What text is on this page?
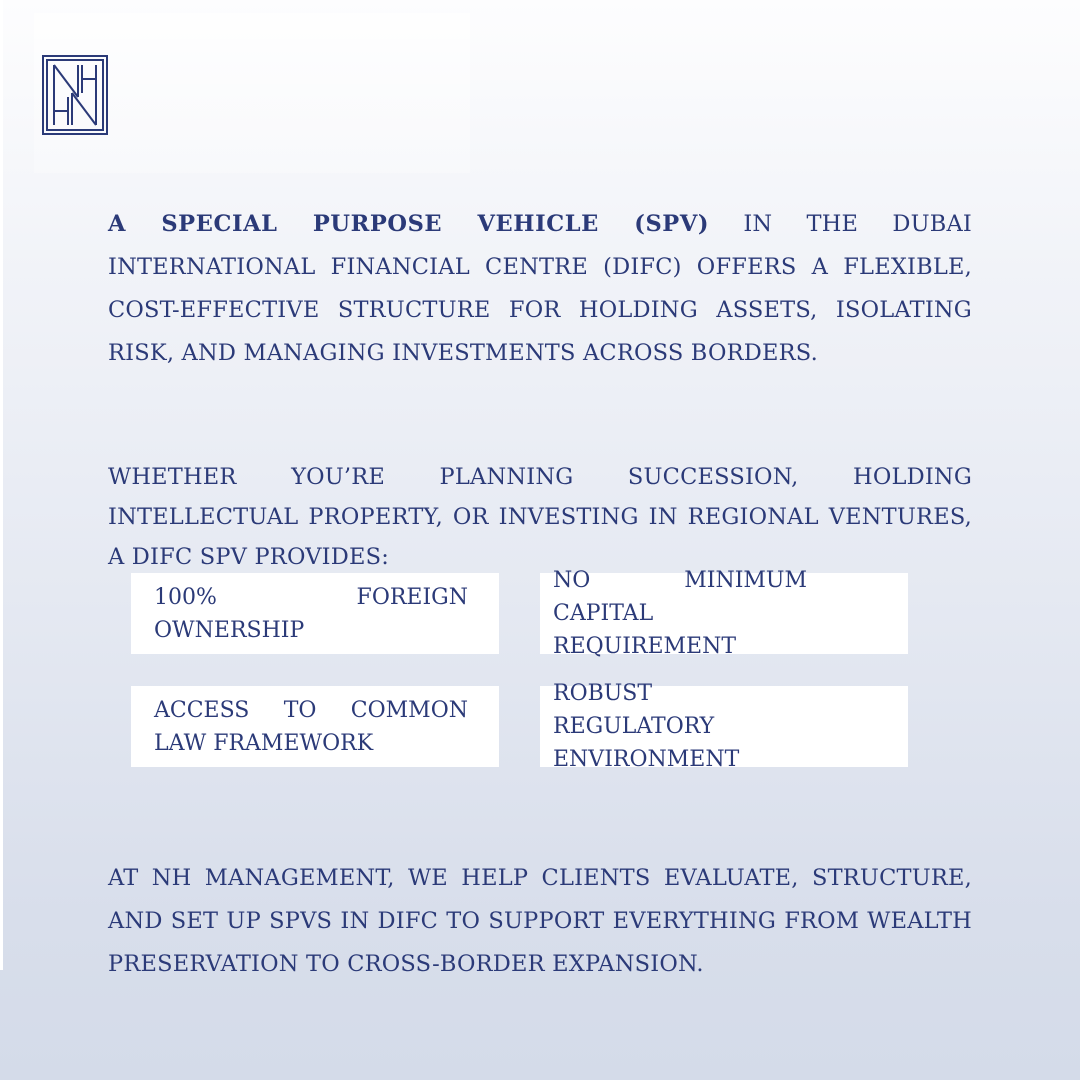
A SPECIAL PURPOSE VEHICLE (SPV) IN THE DUBAI INTERNATIONAL FINANCIAL CENTRE (DIFC) OFFERS A FLEXIBLE, COST-EFFECTIVE STRUCTURE FOR HOLDING ASSETS, ISOLATING RISK, AND MANAGING INVESTMENTS ACROSS BORDERS.

WHETHER YOU’RE PLANNING SUCCESSION, HOLDING INTELLECTUAL PROPERTY, OR INVESTING IN REGIONAL VENTURES, A DIFC SPV PROVIDES:

100% FOREIGN OWNERSHIP
NO MINIMUM CAPITAL REQUIREMENT
ACCESS TO COMMON LAW FRAMEWORK
ROBUST REGULATORY ENVIRONMENT

AT NH MANAGEMENT, WE HELP CLIENTS EVALUATE, STRUCTURE, AND SET UP SPVS IN DIFC TO SUPPORT EVERYTHING FROM WEALTH PRESERVATION TO CROSS-BORDER EXPANSION.
